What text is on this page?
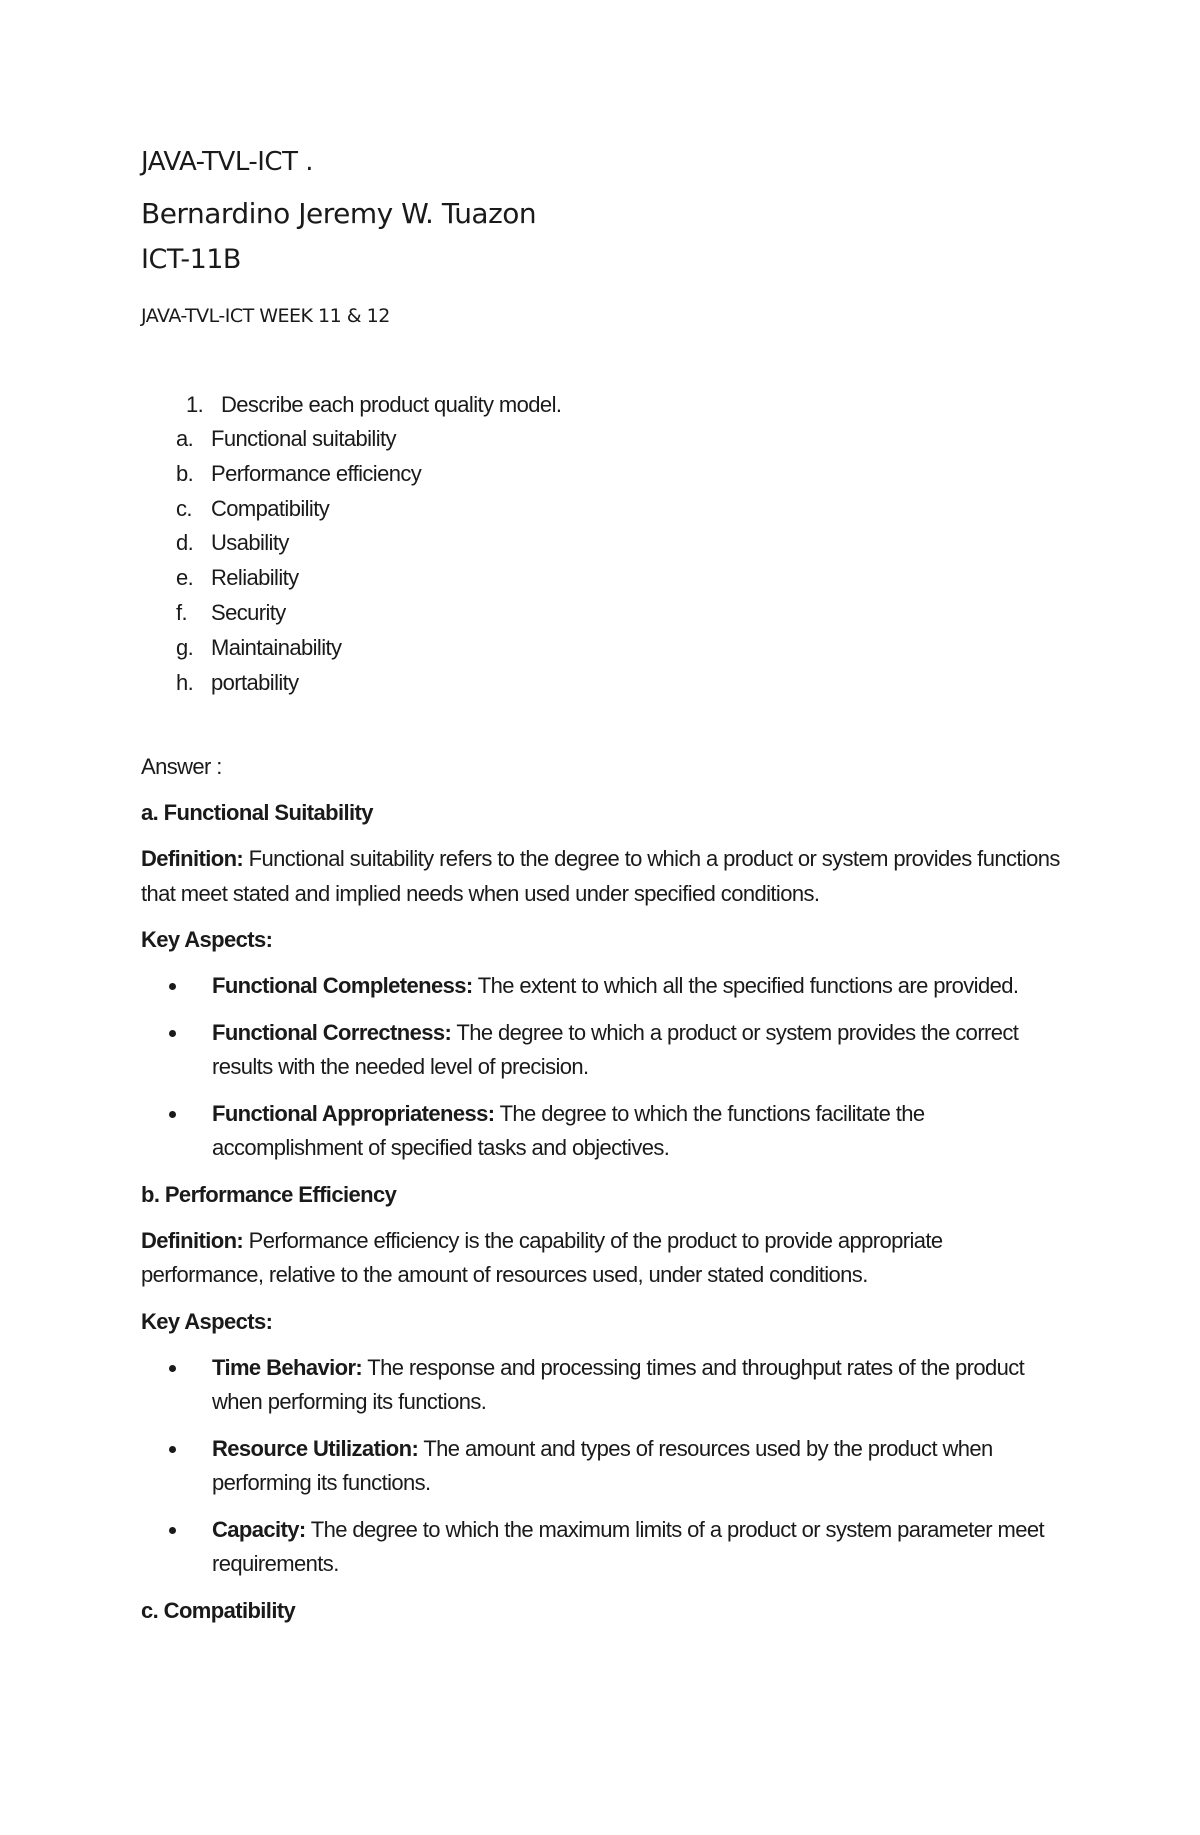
JAVA-TVL-ICT .

Bernardino Jeremy W. Tuazon

ICT-11B

JAVA-TVL-ICT WEEK 11 & 12

1. Describe each product quality model.
a. Functional suitability
b. Performance efficiency
c. Compatibility
d. Usability
e. Reliability
f. Security
g. Maintainability
h. portability
Answer :
a. Functional Suitability
Definition: Functional suitability refers to the degree to which a product or system provides functions that meet stated and implied needs when used under specified conditions.
Key Aspects:
Functional Completeness: The extent to which all the specified functions are provided.
Functional Correctness: The degree to which a product or system provides the correct results with the needed level of precision.
Functional Appropriateness: The degree to which the functions facilitate the accomplishment of specified tasks and objectives.
b. Performance Efficiency
Definition: Performance efficiency is the capability of the product to provide appropriate performance, relative to the amount of resources used, under stated conditions.
Key Aspects:
Time Behavior: The response and processing times and throughput rates of the product when performing its functions.
Resource Utilization: The amount and types of resources used by the product when performing its functions.
Capacity: The degree to which the maximum limits of a product or system parameter meet requirements.
c. Compatibility
